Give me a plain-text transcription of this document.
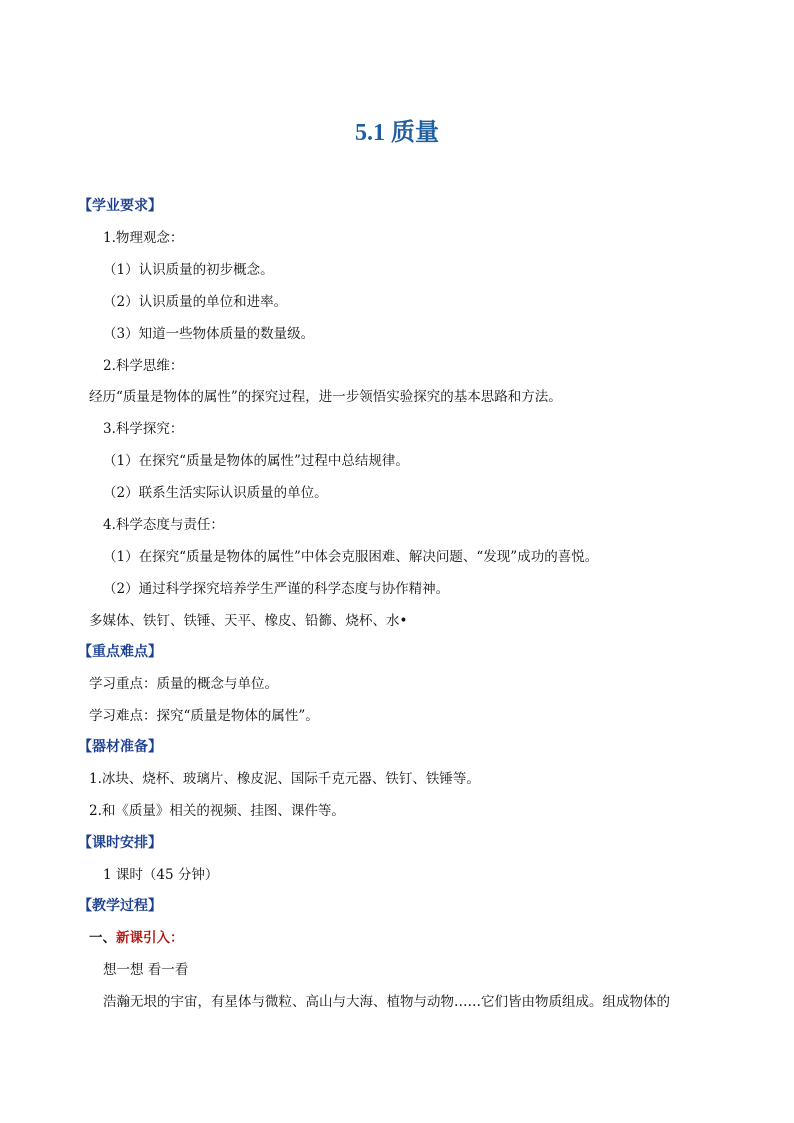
5.1 质量
【学业要求】
1.物理观念：
（1）认识质量的初步概念。
（2）认识质量的单位和进率。
（3）知道一些物体质量的数量级。
2.科学思维：
经历“质量是物体的属性”的探究过程，进一步领悟实验探究的基本思路和方法。
3.科学探究：
（1）在探究“质量是物体的属性”过程中总结规律。
（2）联系生活实际认识质量的单位。
4.科学态度与责任：
（1）在探究“质量是物体的属性”中体会克服困难、解决问题、“发现”成功的喜悦。
（2）通过科学探究培养学生严谨的科学态度与协作精神。
多媒体、铁钉、铁锤、天平、橡皮、铅籂、烧杯、水•
【重点难点】
学习重点：质量的概念与单位。
学习难点：探究“质量是物体的属性”。
【器材准备】
1.冰块、烧杯、玻璃片、橡皮泥、国际千克元器、铁钉、铁锤等。
2.和《质量》相关的视频、挂图、课件等。
【课时安排】
1 课时（45 分钟）
【教学过程】
一、新课引入：
想一想 看一看
浩瀚无垠的宇宙，有星体与微粒、高山与大海、植物与动物……它们皆由物质组成。组成物体的
